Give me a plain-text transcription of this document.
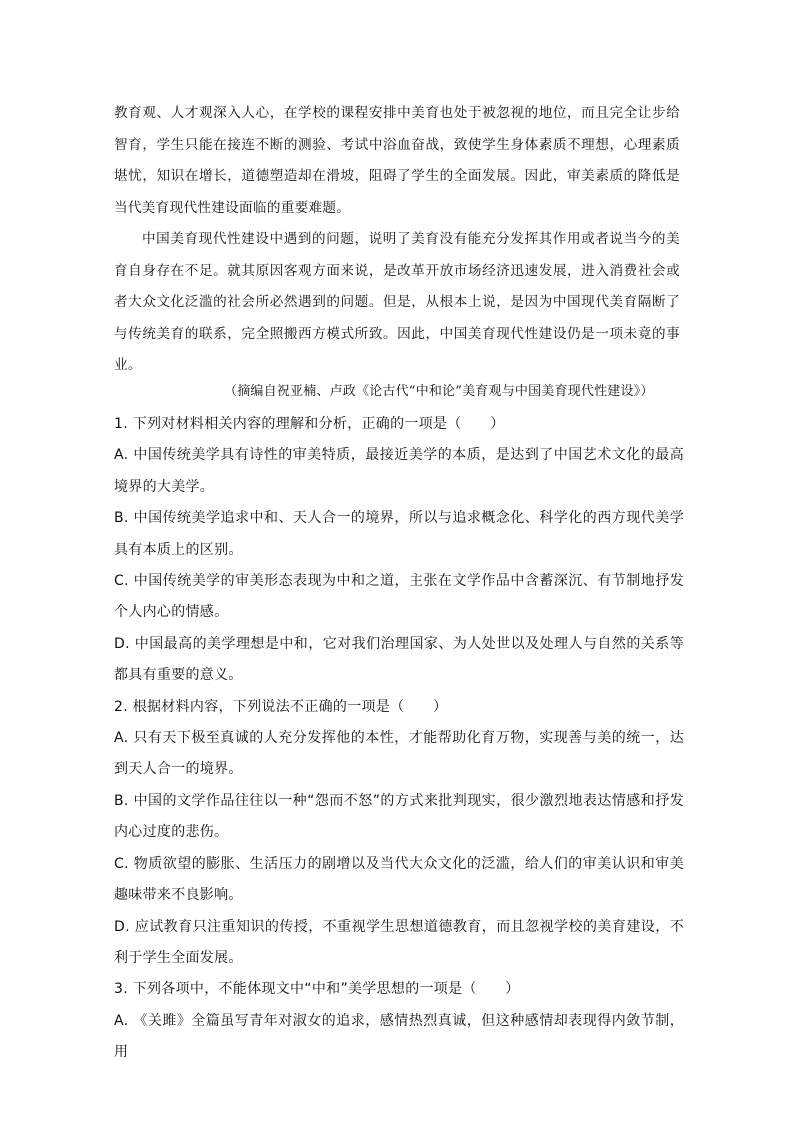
教育观、人才观深入人心，在学校的课程安排中美育也处于被忽视的地位，而且完全让步给智育，学生只能在接连不断的测验、考试中浴血奋战，致使学生身体素质不理想，心理素质堪忧，知识在增长，道德塑造却在滑坡，阻碍了学生的全面发展。因此，审美素质的降低是当代美育现代性建设面临的重要难题。

中国美育现代性建设中遇到的问题，说明了美育没有能充分发挥其作用或者说当今的美育自身存在不足。就其原因客观方面来说，是改革开放市场经济迅速发展，进入消费社会或者大众文化泛滥的社会所必然遇到的问题。但是，从根本上说，是因为中国现代美育隔断了与传统美育的联系，完全照搬西方模式所致。因此，中国美育现代性建设仍是一项未竟的事业。

（摘编自祝亚楠、卢政《论古代“中和论”美育观与中国美育现代性建设》）

1. 下列对材料相关内容的理解和分析，正确的一项是（　　）

A. 中国传统美学具有诗性的审美特质，最接近美学的本质，是达到了中国艺术文化的最高境界的大美学。

B. 中国传统美学追求中和、天人合一的境界，所以与追求概念化、科学化的西方现代美学具有本质上的区别。

C. 中国传统美学的审美形态表现为中和之道，主张在文学作品中含蓄深沉、有节制地抒发个人内心的情感。

D. 中国最高的美学理想是中和，它对我们治理国家、为人处世以及处理人与自然的关系等都具有重要的意义。

2. 根据材料内容，下列说法不正确的一项是（　　）

A. 只有天下极至真诚的人充分发挥他的本性，才能帮助化育万物，实现善与美的统一，达到天人合一的境界。

B. 中国的文学作品往往以一种“怨而不怒”的方式来批判现实，很少激烈地表达情感和抒发内心过度的悲伤。

C. 物质欲望的膨胀、生活压力的剧增以及当代大众文化的泛滥，给人们的审美认识和审美趣味带来不良影响。

D. 应试教育只注重知识的传授，不重视学生思想道德教育，而且忽视学校的美育建设，不利于学生全面发展。

3. 下列各项中，不能体现文中“中和”美学思想的一项是（　　）

A. 《关雎》全篇虽写青年对淑女的追求，感情热烈真诚，但这种感情却表现得内敛节制，用
